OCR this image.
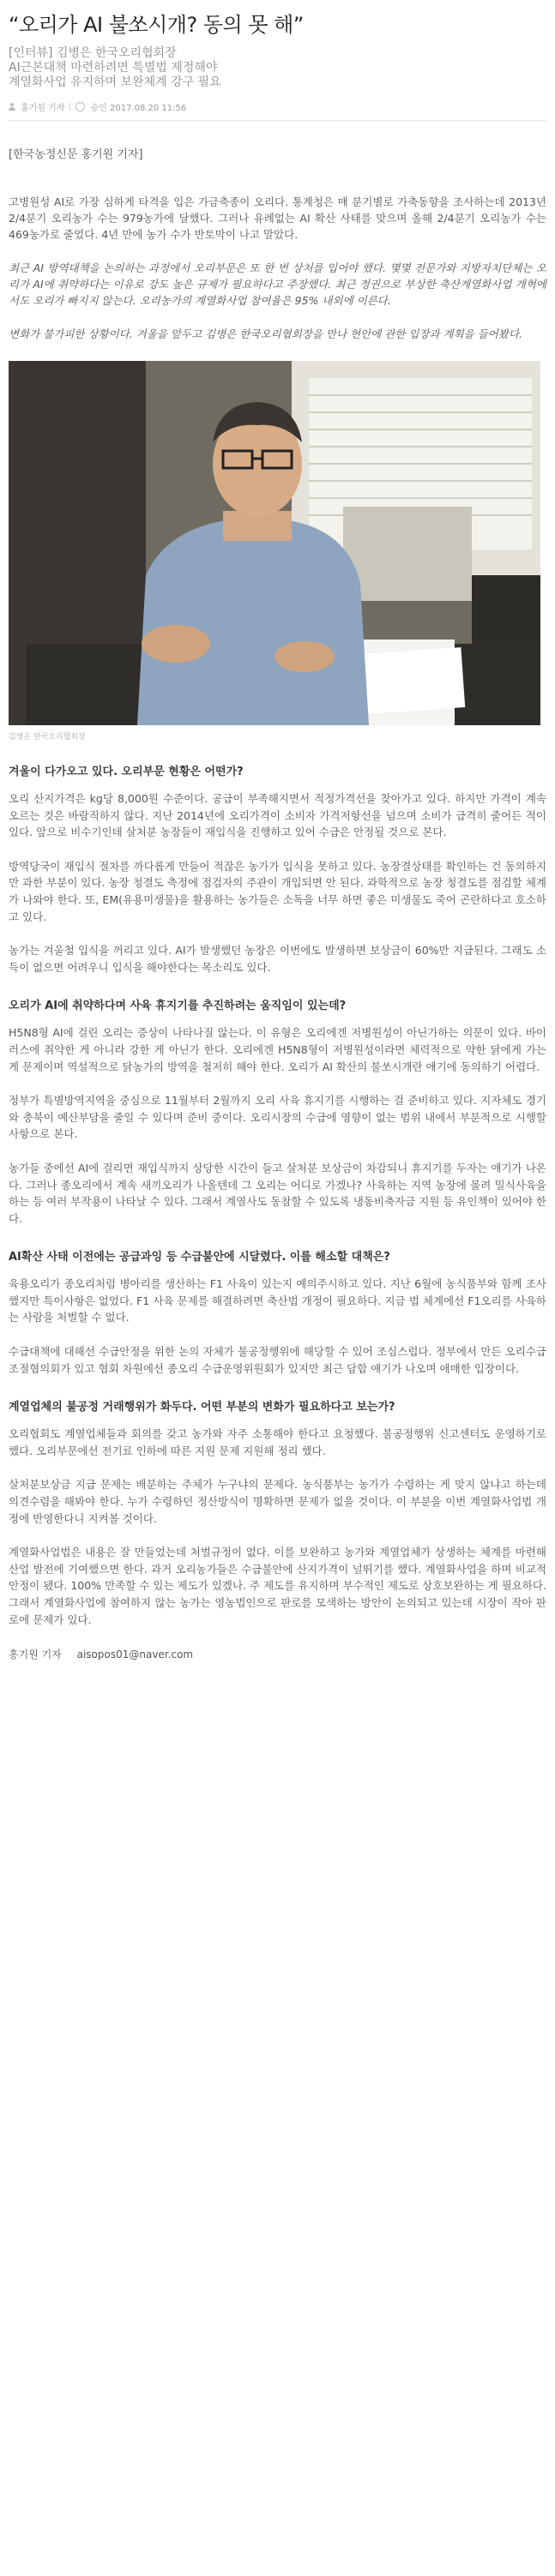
“오리가 AI 불쏘시개? 동의 못 해”
[인터뷰] 김병은 한국오리협회장
AI근본대책 마련하려면 특별법 제정해야
계열화사업 유지하며 보완체계 강구 필요
홍기원 기자	승인 2017.08.20 11:56
[한국농정신문 홍기원 기자]

고병원성 AI로 가장 심하게 타격을 입은 가금축종이 오리다. 통계청은 매 분기별로 가축동향을 조사하는데 2013년 2/4분기 오리농가 수는 979농가에 달했다. 그러나 유례없는 AI 확산 사태를 맞으며 올해 2/4분기 오리농가 수는 469농가로 줄었다. 4년 만에 농가 수가 반토막이 나고 말았다.

최근 AI 방역대책을 논의하는 과정에서 오리부문은 또 한 번 상처를 입어야 했다. 몇몇 전문가와 지방자치단체는 오리가 AI에 취약하다는 이유로 강도 높은 규제가 필요하다고 주장했다. 최근 정권으로 부상한 축산계열화사업 개혁에서도 오리가 빠지지 않는다. 오리농가의 계열화사업 참여율은 95% 내외에 이른다.

변화가 불가피한 상황이다. 겨울을 앞두고 김병은 한국오리협회장을 만나 현안에 관한 입장과 계획을 들어봤다.

김병은 한국오리협회장
겨울이 다가오고 있다. 오리부문 현황은 어떤가?

오리 산지가격은 kg당 8,000원 수준이다. 공급이 부족해지면서 적정가격선을 찾아가고 있다. 하지만 가격이 계속 오르는 것은 바람직하지 않다. 지난 2014년에 오리가격이 소비자 가격저항선을 넘으며 소비가 급격히 줄어든 적이 있다. 앞으로 비수기인데 살처분 농장들이 재입식을 진행하고 있어 수급은 안정될 것으로 본다.

방역당국이 재입식 절차를 까다롭게 만들어 적잖은 농가가 입식을 못하고 있다. 농장결상태를 확인하는 건 동의하지만 과한 부분이 있다. 농장 청결도 측정에 점검자의 주관이 개입되면 안 된다. 과학적으로 농장 청결도를 점검할 체계가 나와야 한다. 또, EM(유용미생물)을 활용하는 농가들은 소독을 너무 하면 좋은 미생물도 죽어 곤란하다고 호소하고 있다.

농가는 겨울철 입식을 꺼리고 있다. AI가 발생했던 농장은 이번에도 발생하면 보상금이 60%만 지급된다. 그래도 소득이 없으면 어려우니 입식을 해야한다는 목소리도 있다.

오리가 AI에 취약하다며 사육 휴지기를 추진하려는 움직임이 있는데?

H5N8형 AI에 걸린 오리는 증상이 나타나질 않는다. 이 유형은 오리에겐 저병원성이 아닌가하는 의문이 있다. 바이러스에 취약한 게 아니라 강한 게 아닌가 한다. 오리에겐 H5N8형이 저병원성이라면 체력적으로 약한 닭에게 가는 게 문제이며 역설적으로 닭농가의 방역을 철저히 해야 한다. 오리가 AI 확산의 불쏘시개란 얘기에 동의하기 어렵다.

정부가 특별방역지역을 중심으로 11월부터 2월까지 오리 사육 휴지기를 시행하는 걸 준비하고 있다. 지자체도 경기와 충북이 예산부담을 줄일 수 있다며 준비 중이다. 오리시장의 수급에 영향이 없는 범위 내에서 부분적으로 시행할 사항으로 본다.

농가들 중에선 AI에 걸리면 재입식까지 상당한 시간이 들고 살처분 보상금이 차감되니 휴지기를 두자는 얘기가 나온다. 그러나 종오리에서 계속 새끼오리가 나올텐데 그 오리는 어디로 가겠나? 사육하는 지역 농장에 몰려 밀식사육을 하는 등 여러 부작용이 나타날 수 있다. 그래서 계열사도 동참할 수 있도록 냉동비축자금 지원 등 유인책이 있어야 한다.

AI확산 사태 이전에는 공급과잉 등 수급불안에 시달렸다. 이를 해소할 대책은?

육용오리가 종오리처럼 병아리를 생산하는 F1 사육이 있는지 예의주시하고 있다. 지난 6월에 농식품부와 함께 조사했지만 특이사항은 없었다. F1 사육 문제를 해결하려면 축산법 개정이 필요하다. 지금 법 체계에선 F1오리를 사육하는 사람을 처벌할 수 없다.

수급대책에 대해선 수급안정을 위한 논의 자체가 불공정행위에 해당할 수 있어 조심스럽다. 정부에서 만든 오리수급조절협의회가 있고 협회 차원에선 종오리 수급운영위원회가 있지만 최근 담합 얘기가 나오며 애매한 입장이다.

계열업체의 불공정 거래행위가 화두다. 어떤 부분의 변화가 필요하다고 보는가?

오리협회도 계열업체들과 회의를 갖고 농가와 자주 소통해야 한다고 요청했다. 불공정행위 신고센터도 운영하기로 했다. 오리부문에선 전기료 인하에 따른 지원 문제 지원해 정리 했다.

살처분보상금 지급 문제는 배분하는 주체가 누구냐의 문제다. 농식품부는 농가가 수령하는 게 맞지 않냐고 하는데 의견수렴을 해봐야 한다. 누가 수령하던 정산방식이 명확하면 문제가 없을 것이다. 이 부분을 이번 계열화사업법 개정에 반영한다니 지켜볼 것이다.

계열화사업법은 내용은 잘 만들었는데 처벌규정이 없다. 이를 보완하고 농가와 계열업체가 상생하는 체계를 마련해 산업 발전에 기여했으면 한다. 과거 오리농가들은 수급불안에 산지가격이 널뛰기를 했다. 계열화사업을 하며 비교적 안정이 됐다. 100% 만족할 수 있는 제도가 있겠나. 주 제도를 유지하며 부수적인 제도로 상호보완하는 게 필요하다. 그래서 계열화사업에 참여하지 않는 농가는 영농법인으로 판로를 모색하는 방안이 논의되고 있는데 시장이 작아 판로에 문제가 있다.

홍기원 기자 aisopos01@naver.com
